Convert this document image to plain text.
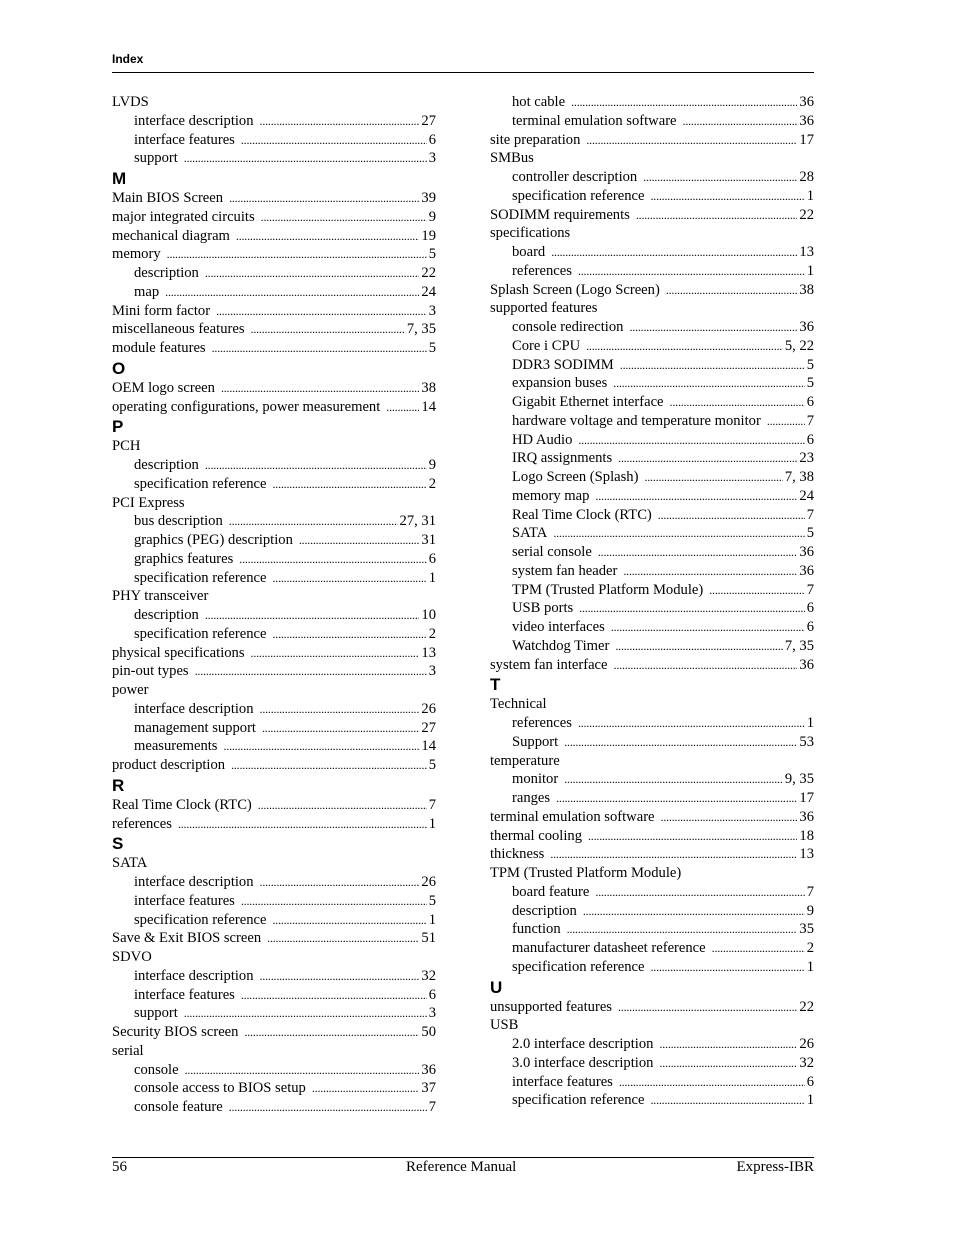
Index
LVDS
interface description . . .	27
interface features . . .	6
support . . .	3
M
Main BIOS Screen . . .	39
major integrated circuits . . .	9
mechanical diagram . . .	19
memory . . .	5
description . . .	22
map . . .	24
Mini form factor . . .	3
miscellaneous features . . .	7, 35
module features . . .	5
O
OEM logo screen . . .	38
operating configurations, power measurement . . .	14
P
PCH
description . . .	9
specification reference . . .	2
PCI Express
bus description . . .	27, 31
graphics (PEG) description . . .	31
graphics features . . .	6
specification reference . . .	1
PHY transceiver
description . . .	10
specification reference . . .	2
physical specifications . . .	13
pin-out types . . .	3
power
interface description . . .	26
management support . . .	27
measurements . . .	14
product description . . .	5
R
Real Time Clock (RTC) . . .	7
references . . .	1
S
SATA
interface description . . .	26
interface features . . .	5
specification reference . . .	1
Save & Exit BIOS screen . . .	51
SDVO
interface description . . .	32
interface features . . .	6
support . . .	3
Security BIOS screen . . .	50
serial
console . . .	36
console access to BIOS setup . . .	37
console feature . . .	7
hot cable . . .	36
terminal emulation software . . .	36
site preparation . . .	17
SMBus
controller description . . .	28
specification reference . . .	1
SODIMM requirements . . .	22
specifications
board . . .	13
references . . .	1
Splash Screen (Logo Screen) . . .	38
supported features
console redirection . . .	36
Core i CPU . . .	5, 22
DDR3 SODIMM . . .	5
expansion buses . . .	5
Gigabit Ethernet interface . . .	6
hardware voltage and temperature monitor . . .	7
HD Audio . . .	6
IRQ assignments . . .	23
Logo Screen (Splash) . . .	7, 38
memory map . . .	24
Real Time Clock (RTC) . . .	7
SATA . . .	5
serial console . . .	36
system fan header . . .	36
TPM (Trusted Platform Module) . . .	7
USB ports . . .	6
video interfaces . . .	6
Watchdog Timer . . .	7, 35
system fan interface . . .	36
T
Technical
references . . .	1
Support . . .	53
temperature
monitor . . .	9, 35
ranges . . .	17
terminal emulation software . . .	36
thermal cooling . . .	18
thickness . . .	13
TPM (Trusted Platform Module)
board feature . . .	7
description . . .	9
function . . .	35
manufacturer datasheet reference . . .	2
specification reference . . .	1
U
unsupported features . . .	22
USB
2.0 interface description . . .	26
3.0 interface description . . .	32
interface features . . .	6
specification reference . . .	1
56	Reference Manual	Express-IBR
